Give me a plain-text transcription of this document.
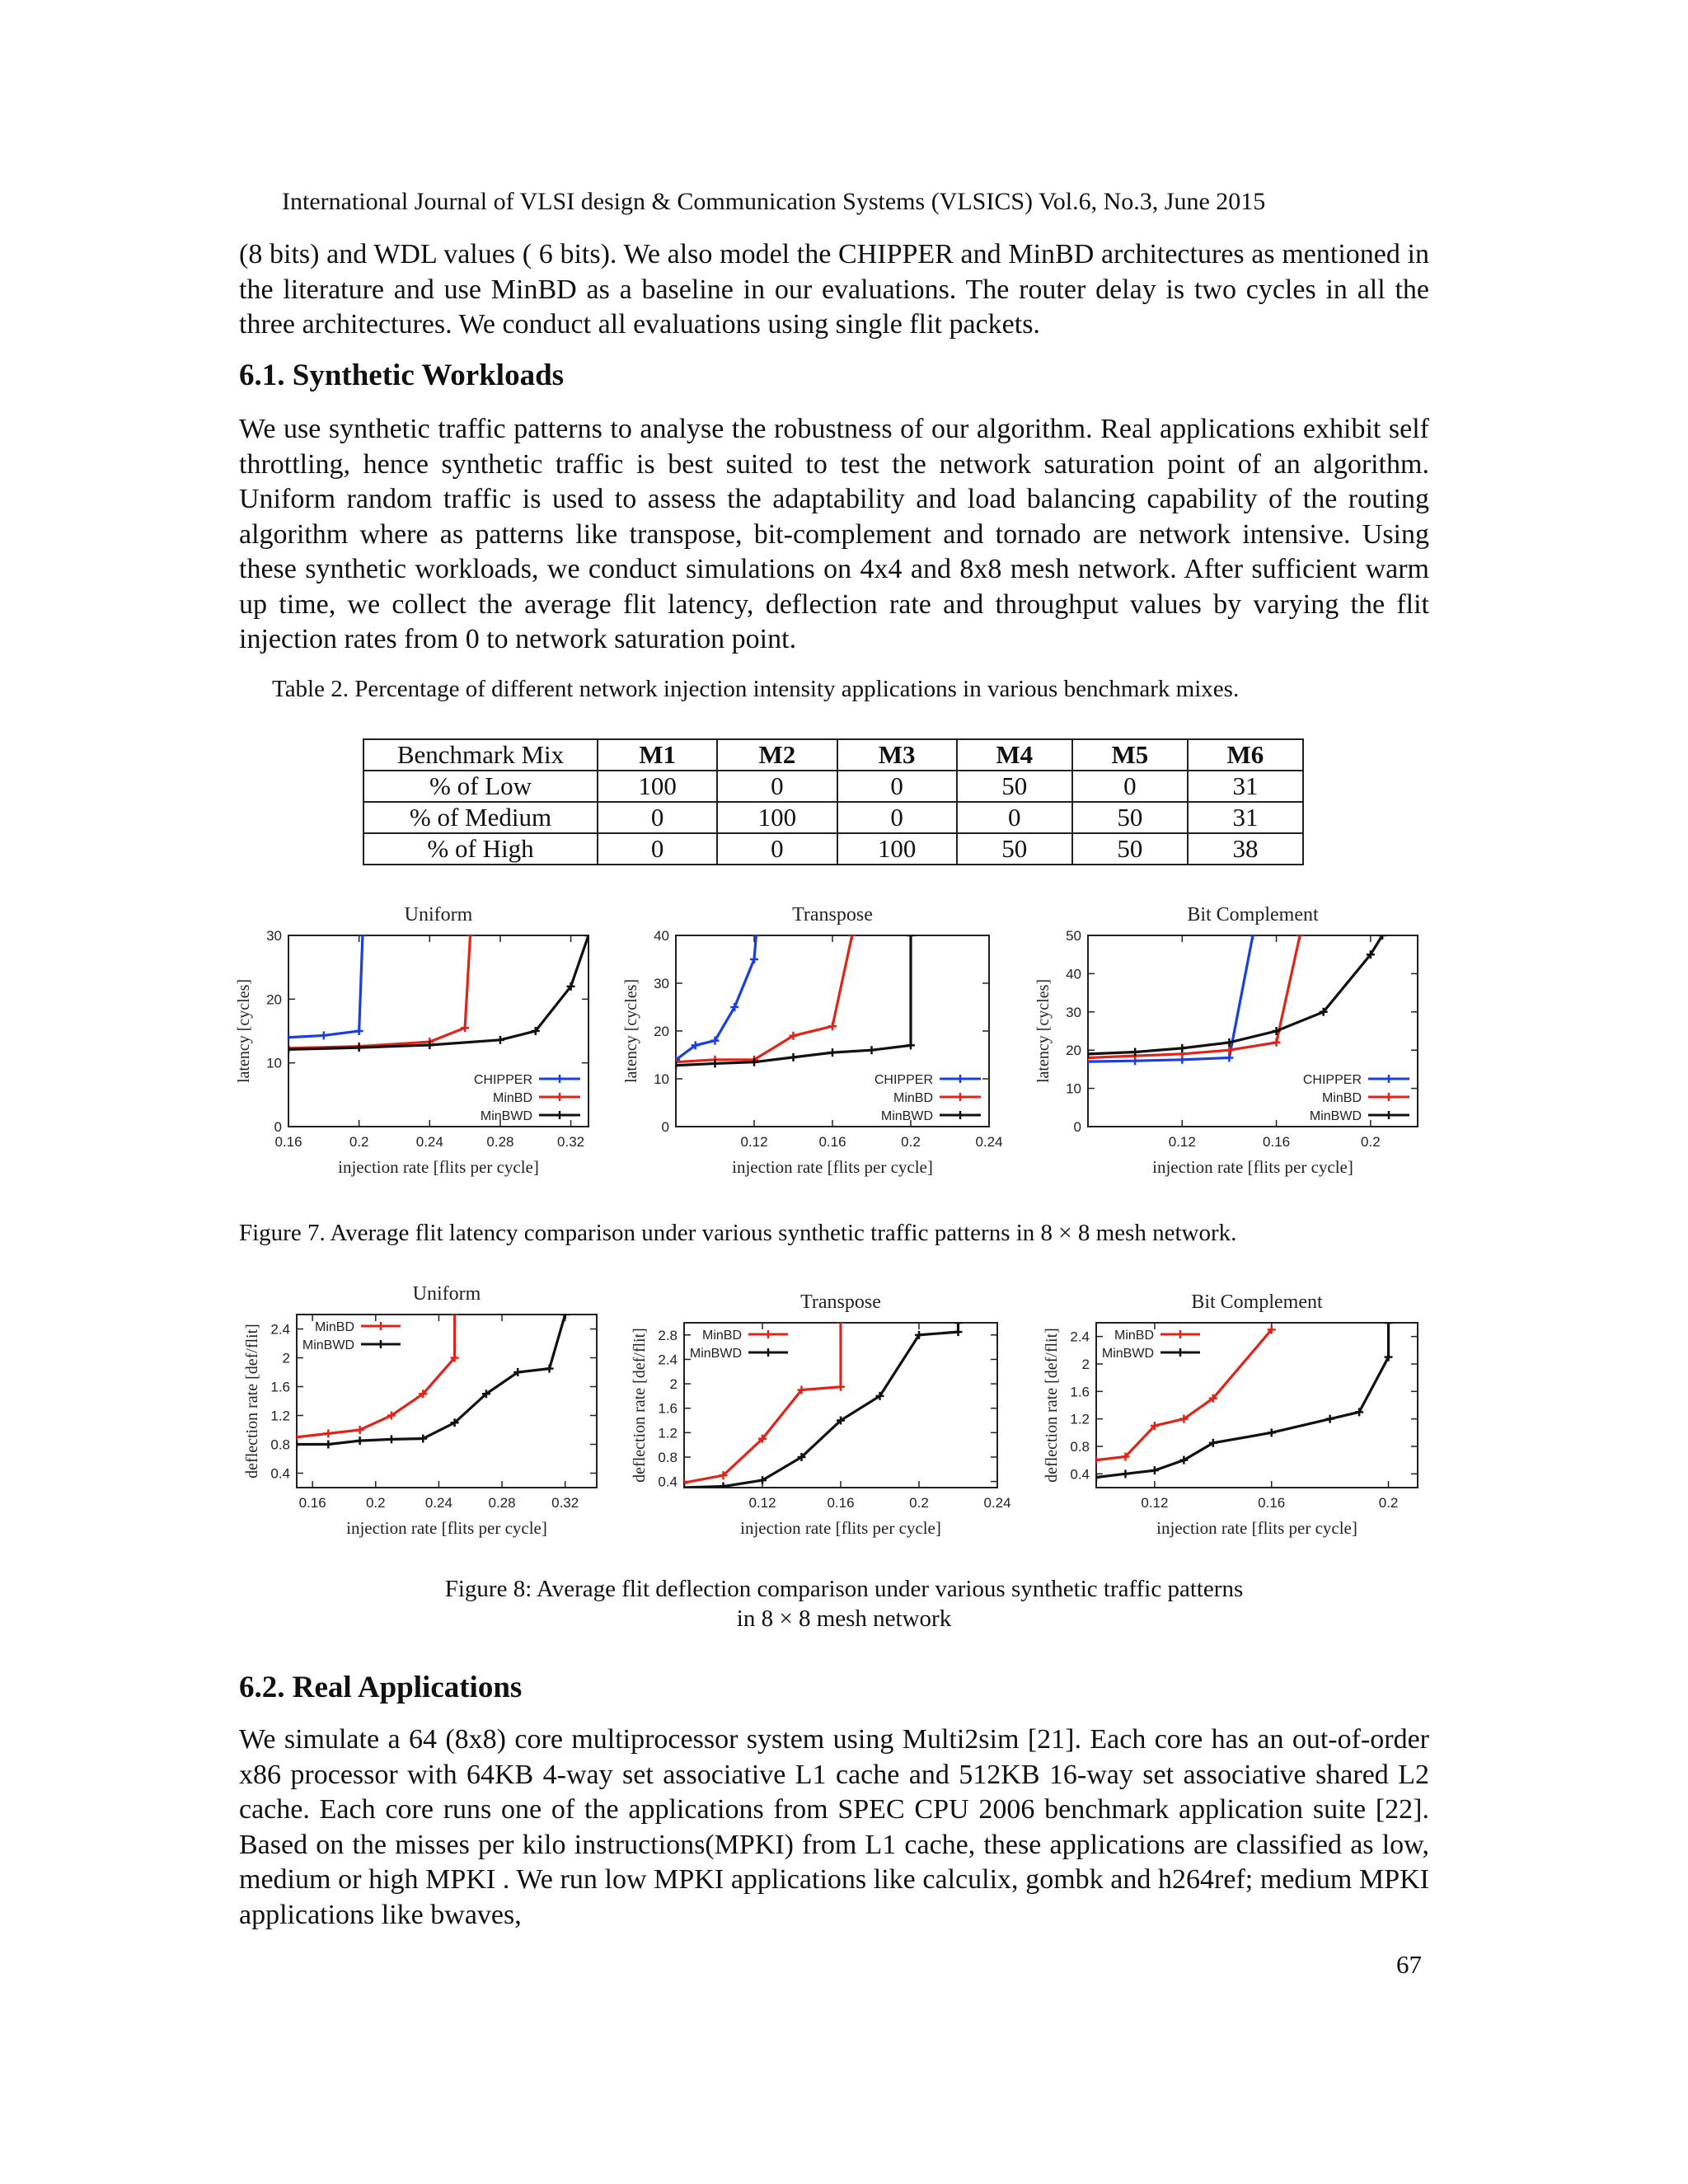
International Journal of VLSI design & Communication Systems (VLSICS) Vol.6, No.3, June 2015

(8 bits) and WDL values ( 6 bits). We also model the CHIPPER and MinBD architectures as mentioned in the literature and use MinBD as a baseline in our evaluations. The router delay is two cycles in all the three architectures. We conduct all evaluations using single flit packets.

6.1. Synthetic Workloads

We use synthetic traffic patterns to analyse the robustness of our algorithm. Real applications exhibit self throttling, hence synthetic traffic is best suited to test the network saturation point of an algorithm. Uniform random traffic is used to assess the adaptability and load balancing capability of the routing algorithm where as patterns like transpose, bit-complement and tornado are network intensive. Using these synthetic workloads, we conduct simulations on 4x4 and 8x8 mesh network. After sufficient warm up time, we collect the average flit latency, deflection rate and throughput values by varying the flit injection rates from 0 to network saturation point.

Table 2. Percentage of different network injection intensity applications in various benchmark mixes.
Benchmark Mix	M1	M2	M3	M4	M5	M6
% of Low	100	0	0	50	0	31
% of Medium	0	100	0	0	50	31
% of High	0	0	100	50	50	38
Uniform
0.16	0.2	0.24	0.28	0.32
0
10
20
30
injection rate [flits per cycle]
latency [cycles]	CHIPPER
MinBD
MinBWD
Transpose
0.12	0.16	0.2	0.24
0
10
20
30
40
injection rate [flits per cycle]
latency [cycles]	CHIPPER
MinBD
MinBWD
Bit Complement
0.12	0.16	0.2
0
10
20
30
40
50
injection rate [flits per cycle]
latency [cycles]	CHIPPER
MinBD
MinBWD
Figure 7. Average flit latency comparison under various synthetic traffic patterns in 8 × 8 mesh network.
Uniform
0.16	0.2	0.24	0.28	0.32
0.4
0.8
1.2
1.6
2
2.4
injection rate [flits per cycle]
deflection rate [def/flit]	MinBD
MinBWD
Transpose
0.12	0.16	0.2	0.24
0.4
0.8
1.2
1.6
2
2.4
2.8
injection rate [flits per cycle]
deflection rate [def/flit]	MinBD
MinBWD
Bit Complement
0.12	0.16	0.2
0.4
0.8
1.2
1.6
2
2.4
injection rate [flits per cycle]
deflection rate [def/flit]	MinBD
MinBWD
Figure 8: Average flit deflection comparison under various synthetic traffic patterns
in 8 × 8 mesh network
6.2. Real Applications

We simulate a 64 (8x8) core multiprocessor system using Multi2sim [21]. Each core has an out-of-order x86 processor with 64KB 4-way set associative L1 cache and 512KB 16-way set associative shared L2 cache. Each core runs one of the applications from SPEC CPU 2006 benchmark application suite [22]. Based on the misses per kilo instructions(MPKI) from L1 cache, these applications are classified as low, medium or high MPKI . We run low MPKI applications like calculix, gombk and h264ref; medium MPKI applications like bwaves,

67
